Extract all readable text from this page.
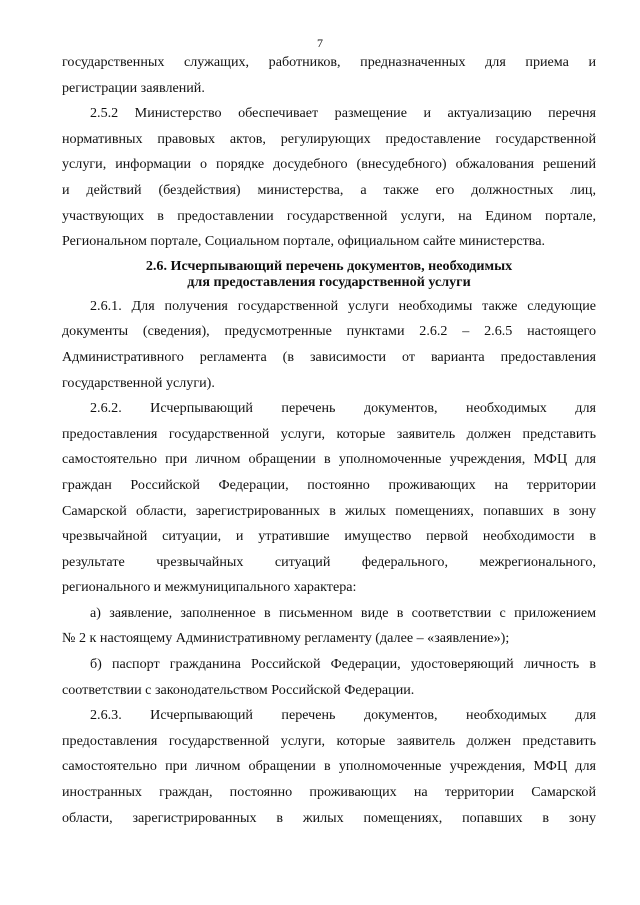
7

государственных служащих, работников, предназначенных для приема и

регистрации заявлений.

2.5.2 Министерство обеспечивает размещение и актуализацию перечня

нормативных правовых актов, регулирующих предоставление государственной

услуги, информации о порядке досудебного (внесудебного) обжалования решений

и действий (бездействия) министерства, а также его должностных лиц,

участвующих в предоставлении государственной услуги, на Едином портале,

Региональном портале, Социальном портале, официальном сайте министерства.

2.6. Исчерпывающий перечень документов, необходимых

для предоставления государственной услуги

2.6.1. Для получения государственной услуги необходимы также следующие

документы (сведения), предусмотренные пунктами 2.6.2 – 2.6.5 настоящего

Административного регламента (в зависимости от варианта предоставления

государственной услуги).

2.6.2. Исчерпывающий перечень документов, необходимых для

предоставления государственной услуги, которые заявитель должен представить

самостоятельно при личном обращении в уполномоченные учреждения, МФЦ для

граждан Российской Федерации, постоянно проживающих на территории

Самарской области, зарегистрированных в жилых помещениях, попавших в зону

чрезвычайной ситуации, и утратившие имущество первой необходимости в

результате чрезвычайных ситуаций федерального, межрегионального,

регионального и межмуниципального характера:

а) заявление, заполненное в письменном виде в соответствии с приложением

№ 2 к настоящему Административному регламенту (далее – «заявление»);

б) паспорт гражданина Российской Федерации, удостоверяющий личность в

соответствии с законодательством Российской Федерации.

2.6.3. Исчерпывающий перечень документов, необходимых для

предоставления государственной услуги, которые заявитель должен представить

самостоятельно при личном обращении в уполномоченные учреждения, МФЦ для

иностранных граждан, постоянно проживающих на территории Самарской

области, зарегистрированных в жилых помещениях, попавших в зону
